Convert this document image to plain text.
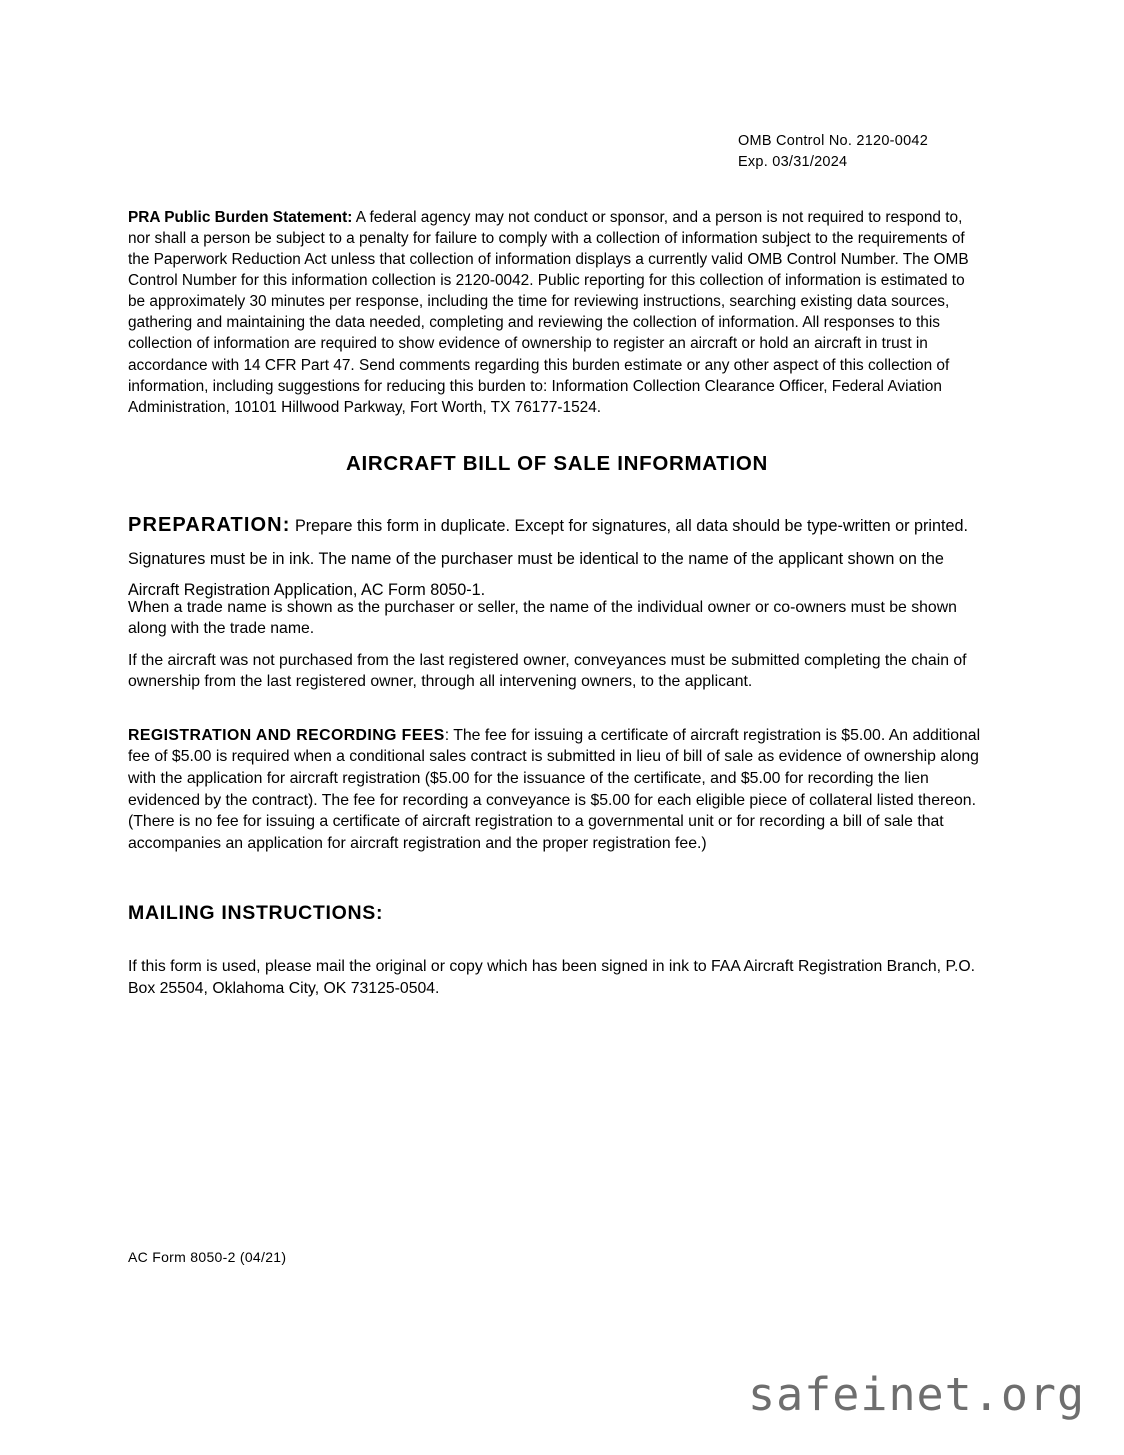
OMB Control No. 2120-0042
Exp. 03/31/2024

PRA Public Burden Statement: A federal agency may not conduct or sponsor, and a person is not required to respond to, nor shall a person be subject to a penalty for failure to comply with a collection of information subject to the requirements of the Paperwork Reduction Act unless that collection of information displays a currently valid OMB Control Number. The OMB Control Number for this information collection is 2120-0042. Public reporting for this collection of information is estimated to be approximately 30 minutes per response, including the time for reviewing instructions, searching existing data sources, gathering and maintaining the data needed, completing and reviewing the collection of information. All responses to this collection of information are required to show evidence of ownership to register an aircraft or hold an aircraft in trust in accordance with 14 CFR Part 47. Send comments regarding this burden estimate or any other aspect of this collection of information, including suggestions for reducing this burden to: Information Collection Clearance Officer, Federal Aviation Administration, 10101 Hillwood Parkway, Fort Worth, TX 76177-1524.

AIRCRAFT BILL OF SALE INFORMATION

PREPARATION: Prepare this form in duplicate. Except for signatures, all data should be type-written or printed. Signatures must be in ink. The name of the purchaser must be identical to the name of the applicant shown on the Aircraft Registration Application, AC Form 8050-1.

When a trade name is shown as the purchaser or seller, the name of the individual owner or co-owners must be shown along with the trade name.

If the aircraft was not purchased from the last registered owner, conveyances must be submitted completing the chain of ownership from the last registered owner, through all intervening owners, to the applicant.

REGISTRATION AND RECORDING FEES: The fee for issuing a certificate of aircraft registration is $5.00. An additional fee of $5.00 is required when a conditional sales contract is submitted in lieu of bill of sale as evidence of ownership along with the application for aircraft registration ($5.00 for the issuance of the certificate, and $5.00 for recording the lien evidenced by the contract). The fee for recording a conveyance is $5.00 for each eligible piece of collateral listed thereon. (There is no fee for issuing a certificate of aircraft registration to a governmental unit or for recording a bill of sale that accompanies an application for aircraft registration and the proper registration fee.)

MAILING INSTRUCTIONS:

If this form is used, please mail the original or copy which has been signed in ink to FAA Aircraft Registration Branch, P.O. Box 25504, Oklahoma City, OK 73125-0504.

AC Form 8050-2 (04/21)
safeinet.org
